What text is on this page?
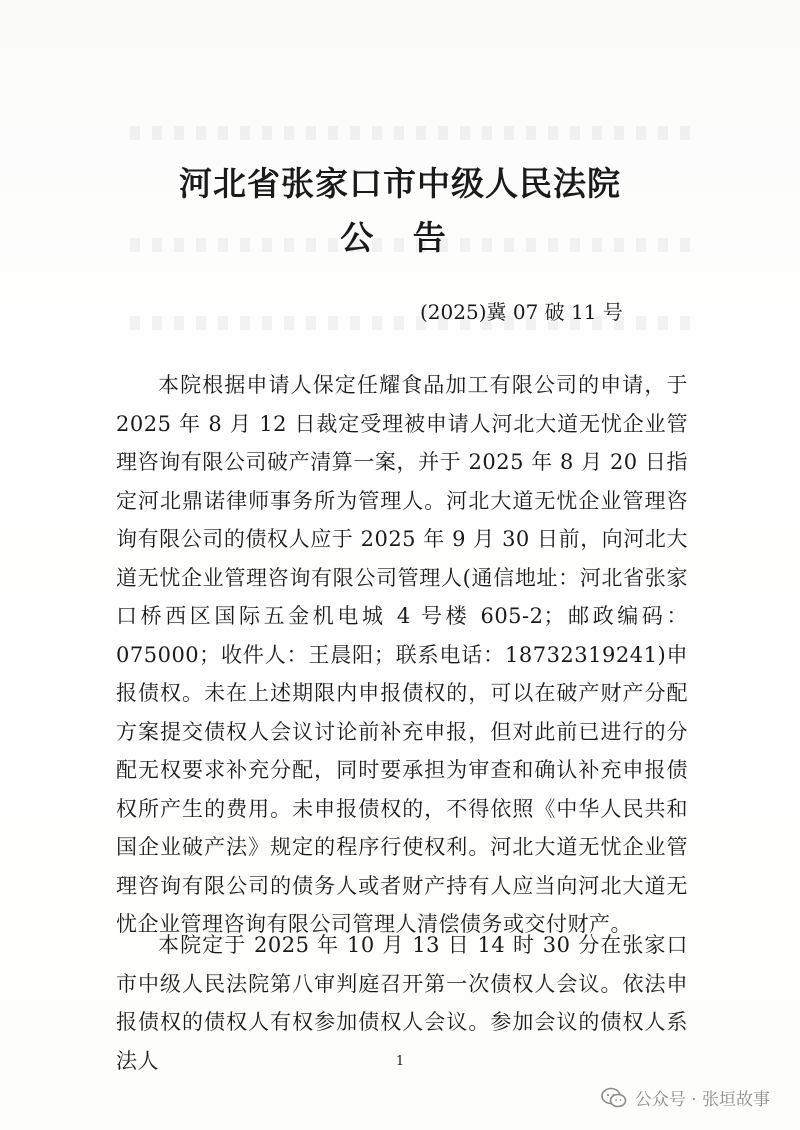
河北省张家口市中级人民法院
公 告
(2025)冀 07 破 11 号

本院根据申请人保定任耀食品加工有限公司的申请，于2025 年 8 月 12 日裁定受理被申请人河北大道无忧企业管理咨询有限公司破产清算一案，并于 2025 年 8 月 20 日指定河北鼎诺律师事务所为管理人。河北大道无忧企业管理咨询有限公司的债权人应于 2025 年 9 月 30 日前，向河北大道无忧企业管理咨询有限公司管理人(通信地址：河北省张家口桥西区国际五金机电城 4 号楼 605-2；邮政编码：075000；收件人：王晨阳；联系电话：18732319241)申报债权。未在上述期限内申报债权的，可以在破产财产分配方案提交债权人会议讨论前补充申报，但对此前已进行的分配无权要求补充分配，同时要承担为审查和确认补充申报债权所产生的费用。未申报债权的，不得依照《中华人民共和国企业破产法》规定的程序行使权利。河北大道无忧企业管理咨询有限公司的债务人或者财产持有人应当向河北大道无忧企业管理咨询有限公司管理人清偿债务或交付财产。

本院定于 2025 年 10 月 13 日 14 时 30 分在张家口市中级人民法院第八审判庭召开第一次债权人会议。依法申报债权的债权人有权参加债权人会议。参加会议的债权人系法人	1
公众号 · 张垣故事
